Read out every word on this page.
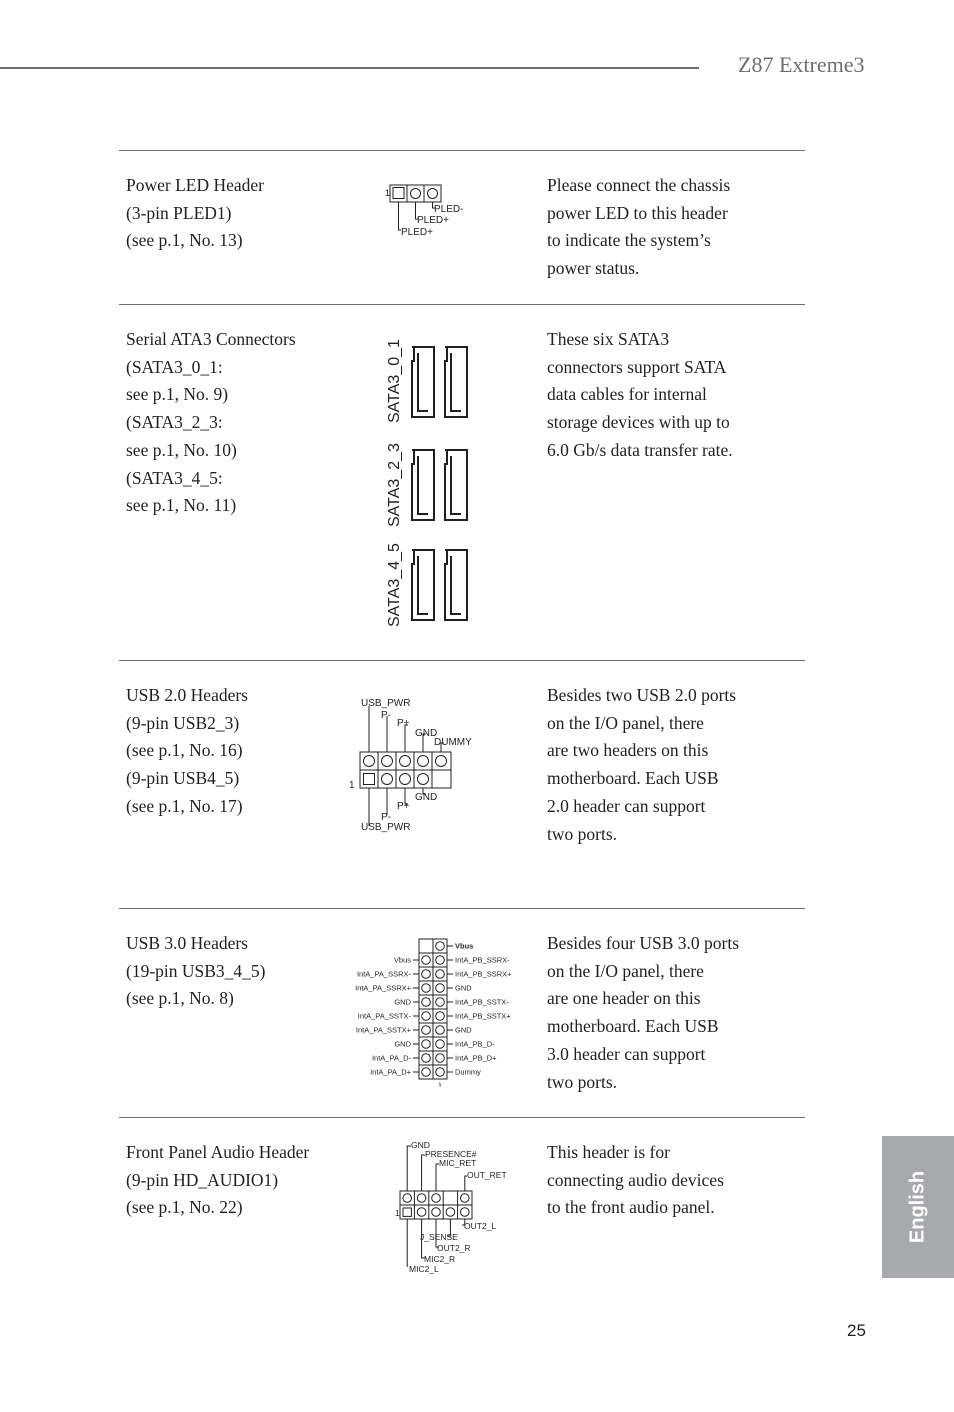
Z87 Extreme3
Power LED Header
(3-pin PLED1)
(see p.1, No. 13)
1
PLED-
PLED+
PLED+
Please connect the chassis
power LED to this header
to indicate the system’s
power status.
Serial ATA3 Connectors
(SATA3_0_1:
see p.1, No. 9)
(SATA3_2_3:
see p.1, No. 10)
(SATA3_4_5:
see p.1, No. 11)
SATA3_0_1
SATA3_2_3
SATA3_4_5
These six SATA3
connectors support SATA
data cables for internal
storage devices with up to
6.0 Gb/s data transfer rate.
USB 2.0 Headers
(9-pin USB2_3)
(see p.1, No. 16)
(9-pin USB4_5)
(see p.1, No. 17)
USB_PWR
P-
P+
GND
DUMMY
1
GND
P+
P-
USB_PWR
Besides two USB 2.0 ports
on the I/O panel, there
are two headers on this
motherboard. Each USB
2.0 header can support
two ports.
USB 3.0 Headers
(19-pin USB3_4_5)
(see p.1, No. 8)
Vbus
IntA_PB_SSRX-
Vbus
IntA_PB_SSRX+
IntA_PA_SSRX-
GND
IntA_PA_SSRX+
IntA_PB_SSTX-
GND
IntA_PB_SSTX+
IntA_PA_SSTX-
GND
IntA_PA_SSTX+
IntA_PB_D-
GND
IntA_PB_D+
IntA_PA_D-
Dummy
IntA_PA_D+
1
Besides four USB 3.0 ports
on the I/O panel, there
are one header on this
motherboard. Each USB
3.0 header can support
two ports.
Front Panel Audio Header
(9-pin HD_AUDIO1)
(see p.1, No. 22)
GND
PRESENCE#
MIC_RET
OUT_RET
1
OUT2_L
J_SENSE
OUT2_R
MIC2_R
MIC2_L
This header is for
connecting audio devices
to the front audio panel.	English
25
